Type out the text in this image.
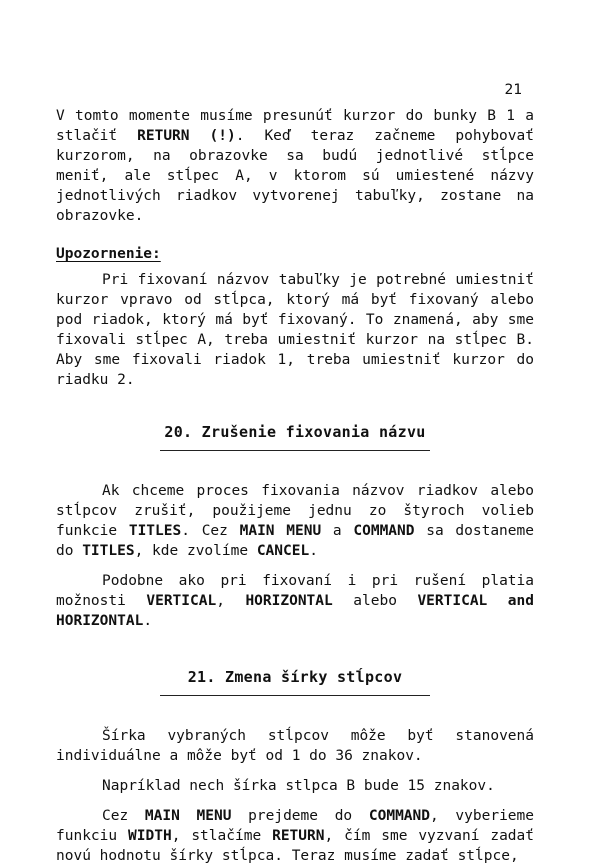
21

V tomto momente musíme presunúť kurzor do bunky B 1 a stlačiť RETURN (!). Keď teraz začneme pohybovať kurzorom, na obrazovke sa budú jednotlivé stĺpce meniť, ale stĺpec A, v ktorom sú umiestené názvy jednotlivých riadkov vytvorenej tabuľky, zostane na obrazovke.

Upozornenie:

Pri fixovaní názvov tabuľky je potrebné umiestniť kurzor vpravo od stĺpca, ktorý má byť fixovaný alebo pod riadok, ktorý má byť fixovaný. To znamená, aby sme fixovali stĺpec A, treba umiestniť kurzor na stĺpec B. Aby sme fixovali riadok 1, treba umiestniť kurzor do riadku 2.

20. Zrušenie fixovania názvu

Ak chceme proces fixovania názvov riadkov alebo stĺpcov zrušiť, použijeme jednu zo štyroch volieb funkcie TITLES. Cez MAIN MENU a COMMAND sa dostaneme do TITLES, kde zvolíme CANCEL.

Podobne ako pri fixovaní i pri rušení platia možnosti VERTICAL, HORIZONTAL alebo VERTICAL and HORIZONTAL.

21. Zmena šírky stĺpcov

Šírka vybraných stĺpcov môže byť stanovená individuálne a môže byť od 1 do 36 znakov.

Napríklad nech šírka stlpca B bude 15 znakov.

Cez MAIN MENU prejdeme do COMMAND, vyberieme funkciu WIDTH, stlačíme RETURN, čím sme vyzvaní zadať novú hodnotu šírky stĺpca. Teraz musíme zadať stĺpce,
